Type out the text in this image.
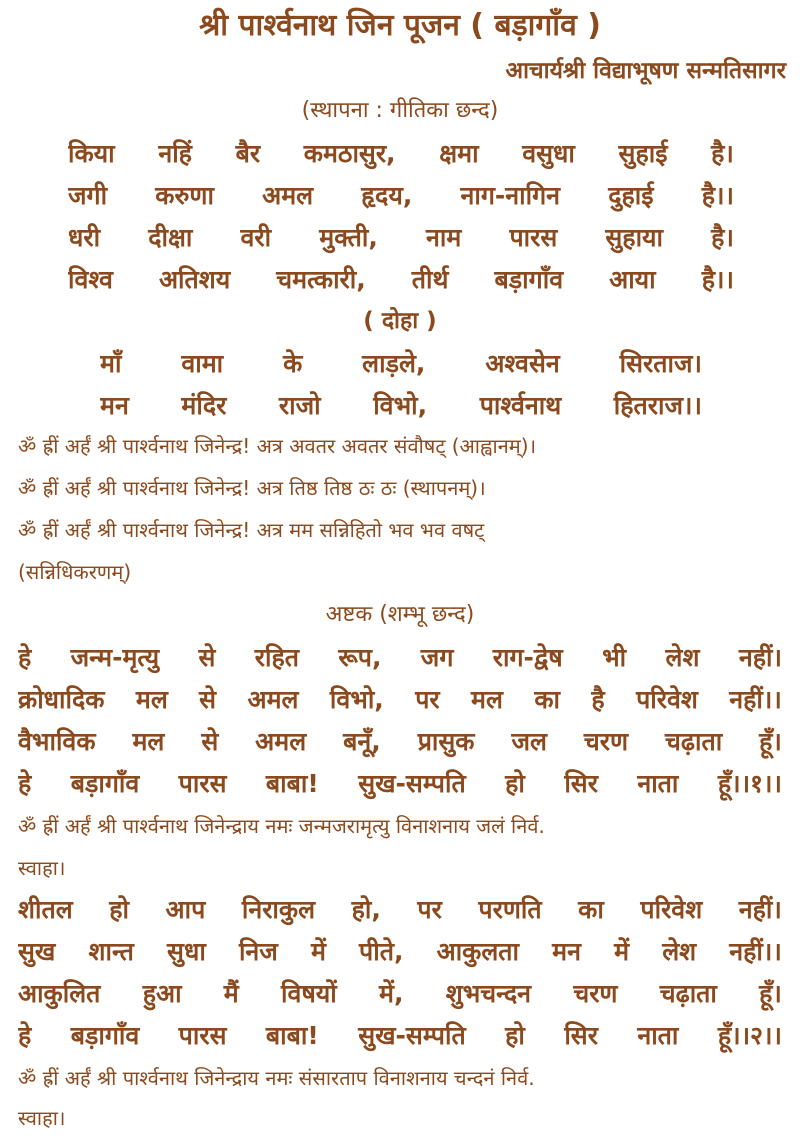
श्री पार्श्वनाथ जिन पूजन ( बड़ागाँव )
आचार्यश्री विद्याभूषण सन्मतिसागर
(स्थापना : गीतिका छन्द)
किया नहिं बैर कमठासुर, क्षमा वसुधा सुहाई है।
जगी करुणा अमल हृदय, नाग-नागिन दुहाई है।।
धरी दीक्षा वरी मुक्ती, नाम पारस सुहाया है।
विश्व अतिशय चमत्कारी, तीर्थ बड़ागाँव आया है।।
( दोहा )
माँ वामा के लाड़ले, अश्वसेन सिरताज।
मन मंदिर राजो विभो, पार्श्वनाथ हितराज।।
ॐ ह्रीं अर्हं श्री पार्श्वनाथ जिनेन्द्र! अत्र अवतर अवतर संवौषट् (आह्वानम्)।
ॐ ह्रीं अर्हं श्री पार्श्वनाथ जिनेन्द्र! अत्र तिष्ठ तिष्ठ ठः ठः (स्थापनम्)।
ॐ ह्रीं अर्हं श्री पार्श्वनाथ जिनेन्द्र! अत्र मम सन्निहितो भव भव वषट्
(सन्निधिकरणम्)
अष्टक (शम्भू छन्द)
हे जन्म-मृत्यु से रहित रूप, जग राग-द्वेष भी लेश नहीं।
क्रोधादिक मल से अमल विभो, पर मल का है परिवेश नहीं।।
वैभाविक मल से अमल बनूँ, प्रासुक जल चरण चढ़ाता हूँ।
हे बड़ागाँव पारस बाबा! सुख-सम्पति हो सिर नाता हूँ।।१।।
ॐ ह्रीं अर्हं श्री पार्श्वनाथ जिनेन्द्राय नमः जन्मजरामृत्यु विनाशनाय जलं निर्व.
स्वाहा।
शीतल हो आप निराकुल हो, पर परणति का परिवेश नहीं।
सुख शान्त सुधा निज में पीते, आकुलता मन में लेश नहीं।।
आकुलित हुआ मैं विषयों में, शुभचन्दन चरण चढ़ाता हूँ।
हे बड़ागाँव पारस बाबा! सुख-सम्पति हो सिर नाता हूँ।।२।।
ॐ ह्रीं अर्हं श्री पार्श्वनाथ जिनेन्द्राय नमः संसारताप विनाशनाय चन्दनं निर्व.
स्वाहा।
